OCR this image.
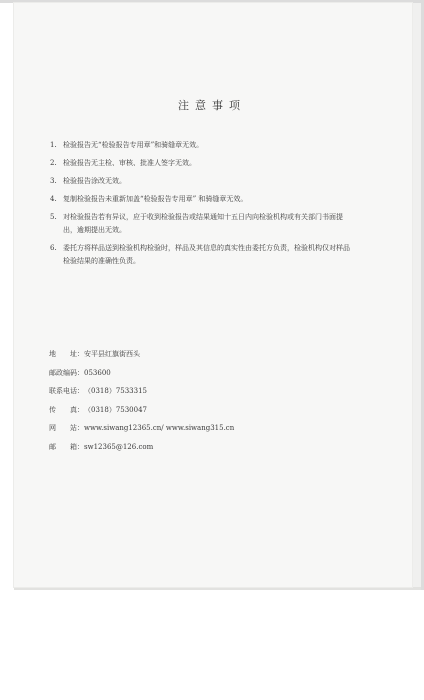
注意事项
1. 检验报告无“检验报告专用章”和骑缝章无效。
2. 检验报告无主检、审核、批准人签字无效。
3. 检验报告涂改无效。
4. 复制检验报告未重新加盖“检验报告专用章” 和骑缝章无效。
5. 对检验报告若有异议，应于收到检验报告或结果通知十五日内向检验机构或有关部门书面提出，逾期提出无效。
6. 委托方将样品送到检验机构检验时，样品及其信息的真实性由委托方负责，检验机构仅对样品检验结果的准确性负责。
地　　址： 安平县红旗街西头
邮政编码： 053600
联系电话： （0318）7533315
传　　真： （0318）7530047
网　　站： www.siwang12365.cn/ www.siwang315.cn
邮　　箱： sw12365@126.com
